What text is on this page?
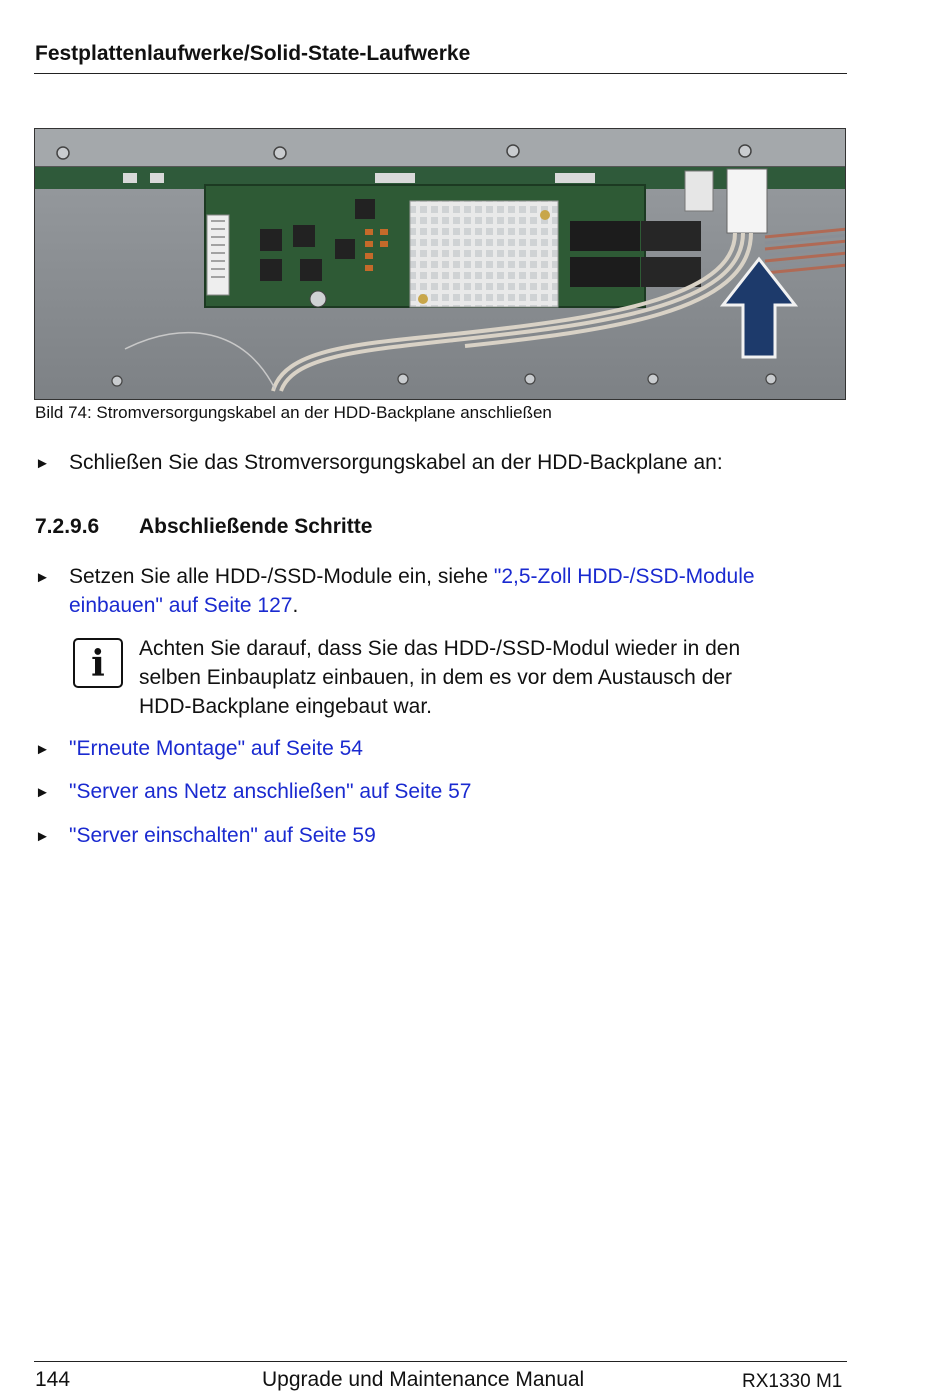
Festplattenlaufwerke/Solid-State-Laufwerke
Bild 74: Stromversorgungskabel an der HDD-Backplane anschließen
► Schließen Sie das Stromversorgungskabel an der HDD-Backplane an:
7.2.9.6 Abschließende Schritte
► Setzen Sie alle HDD-/SSD-Module ein, siehe "2,5-Zoll HDD-/SSD-Module
einbauen" auf Seite 127.
i	Achten Sie darauf, dass Sie das HDD-/SSD-Modul wieder in den
selben Einbauplatz einbauen, in dem es vor dem Austausch der
HDD-Backplane eingebaut war.
► "Erneute Montage" auf Seite 54
► "Server ans Netz anschließen" auf Seite 57
► "Server einschalten" auf Seite 59
144	Upgrade und Maintenance Manual	RX1330 M1
